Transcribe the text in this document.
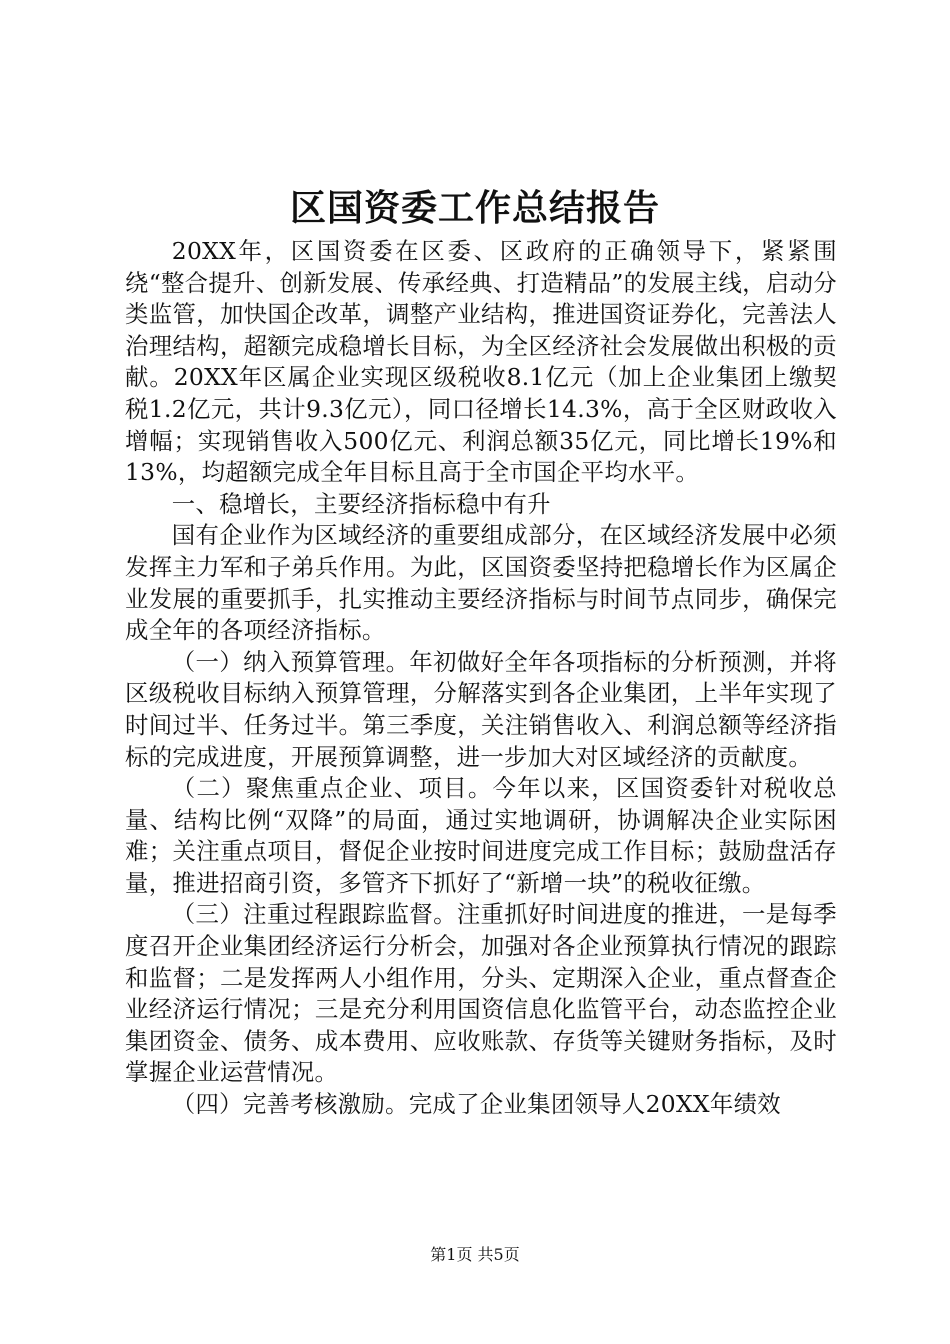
区国资委工作总结报告

20XX年，区国资委在区委、区政府的正确领导下，紧紧围绕“整合提升、创新发展、传承经典、打造精品”的发展主线，启动分类监管，加快国企改革，调整产业结构，推进国资证券化，完善法人治理结构，超额完成稳增长目标，为全区经济社会发展做出积极的贡献。20XX年区属企业实现区级税收8.1亿元（加上企业集团上缴契税1.2亿元，共计9.3亿元），同口径增长14.3%，高于全区财政收入增幅；实现销售收入500亿元、利润总额35亿元，同比增长19%和13%，均超额完成全年目标且高于全市国企平均水平。

一、稳增长，主要经济指标稳中有升

国有企业作为区域经济的重要组成部分，在区域经济发展中必须发挥主力军和子弟兵作用。为此，区国资委坚持把稳增长作为区属企业发展的重要抓手，扎实推动主要经济指标与时间节点同步，确保完成全年的各项经济指标。

（一）纳入预算管理。年初做好全年各项指标的分析预测，并将区级税收目标纳入预算管理，分解落实到各企业集团，上半年实现了时间过半、任务过半。第三季度，关注销售收入、利润总额等经济指标的完成进度，开展预算调整，进一步加大对区域经济的贡献度。

（二）聚焦重点企业、项目。今年以来，区国资委针对税收总量、结构比例“双降”的局面，通过实地调研，协调解决企业实际困难；关注重点项目，督促企业按时间进度完成工作目标；鼓励盘活存量，推进招商引资，多管齐下抓好了“新增一块”的税收征缴。

（三）注重过程跟踪监督。注重抓好时间进度的推进，一是每季度召开企业集团经济运行分析会，加强对各企业预算执行情况的跟踪和监督；二是发挥两人小组作用，分头、定期深入企业，重点督查企业经济运行情况；三是充分利用国资信息化监管平台，动态监控企业集团资金、债务、成本费用、应收账款、存货等关键财务指标，及时掌握企业运营情况。

（四）完善考核激励。完成了企业集团领导人20XX年绩效

第1页 共5页
